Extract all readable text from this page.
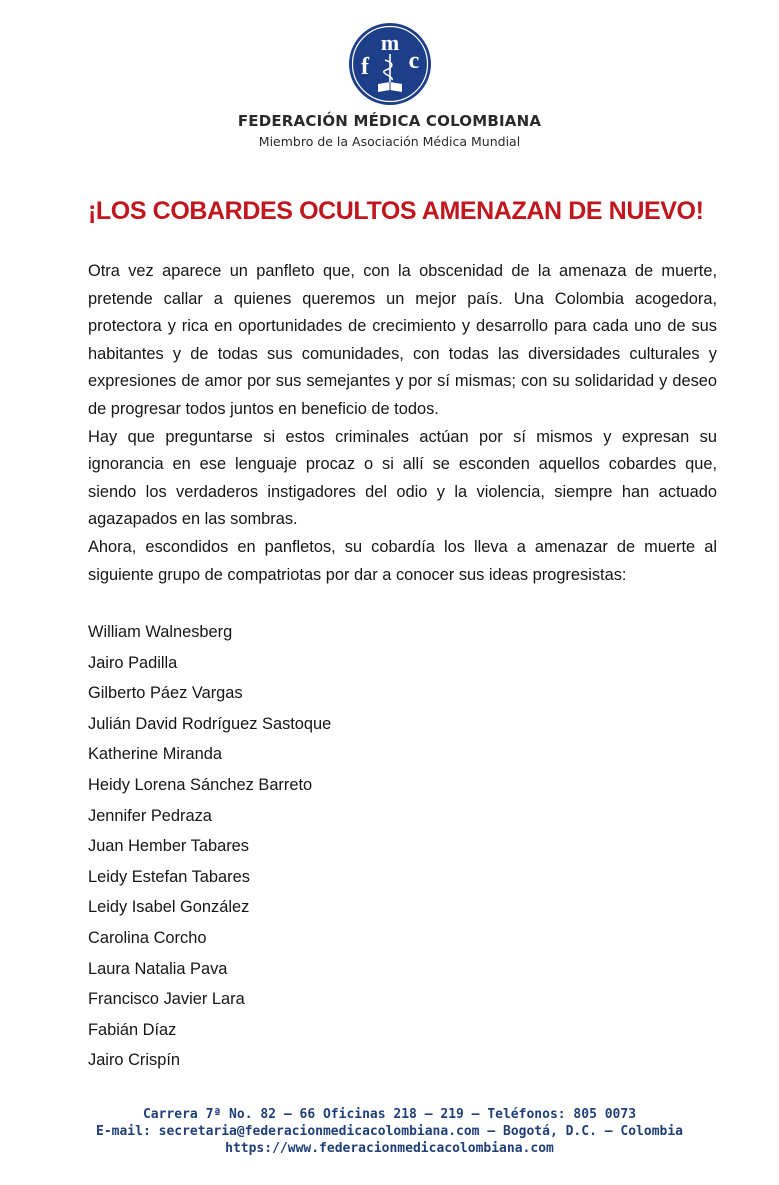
m
f c
FEDERACIÓN MÉDICA COLOMBIANA
Miembro de la Asociación Médica Mundial
¡LOS COBARDES OCULTOS AMENAZAN DE NUEVO!

Otra vez aparece un panfleto que, con la obscenidad de la amenaza de muerte, pretende callar a quienes queremos un mejor país. Una Colombia acogedora, protectora y rica en oportunidades de crecimiento y desarrollo para cada uno de sus habitantes y de todas sus comunidades, con todas las diversidades culturales y expresiones de amor por sus semejantes y por sí mismas; con su solidaridad y deseo de progresar todos juntos en beneficio de todos.

Hay que preguntarse si estos criminales actúan por sí mismos y expresan su ignorancia en ese lenguaje procaz o si allí se esconden aquellos cobardes que, siendo los verdaderos instigadores del odio y la violencia, siempre han actuado agazapados en las sombras.

Ahora, escondidos en panfletos, su cobardía los lleva a amenazar de muerte al siguiente grupo de compatriotas por dar a conocer sus ideas progresistas:

William Walnesberg
Jairo Padilla
Gilberto Páez Vargas
Julián David Rodríguez Sastoque
Katherine Miranda
Heidy Lorena Sánchez Barreto
Jennifer Pedraza
Juan Hember Tabares
Leidy Estefan Tabares
Leidy Isabel González
Carolina Corcho
Laura Natalia Pava
Francisco Javier Lara
Fabián Díaz
Jairo Crispín
Carrera 7ª No. 82 – 66 Oficinas 218 – 219 – Teléfonos: 805 0073
E-mail: secretaria@federacionmedicacolombiana.com – Bogotá, D.C. – Colombia
https://www.federacionmedicacolombiana.com
